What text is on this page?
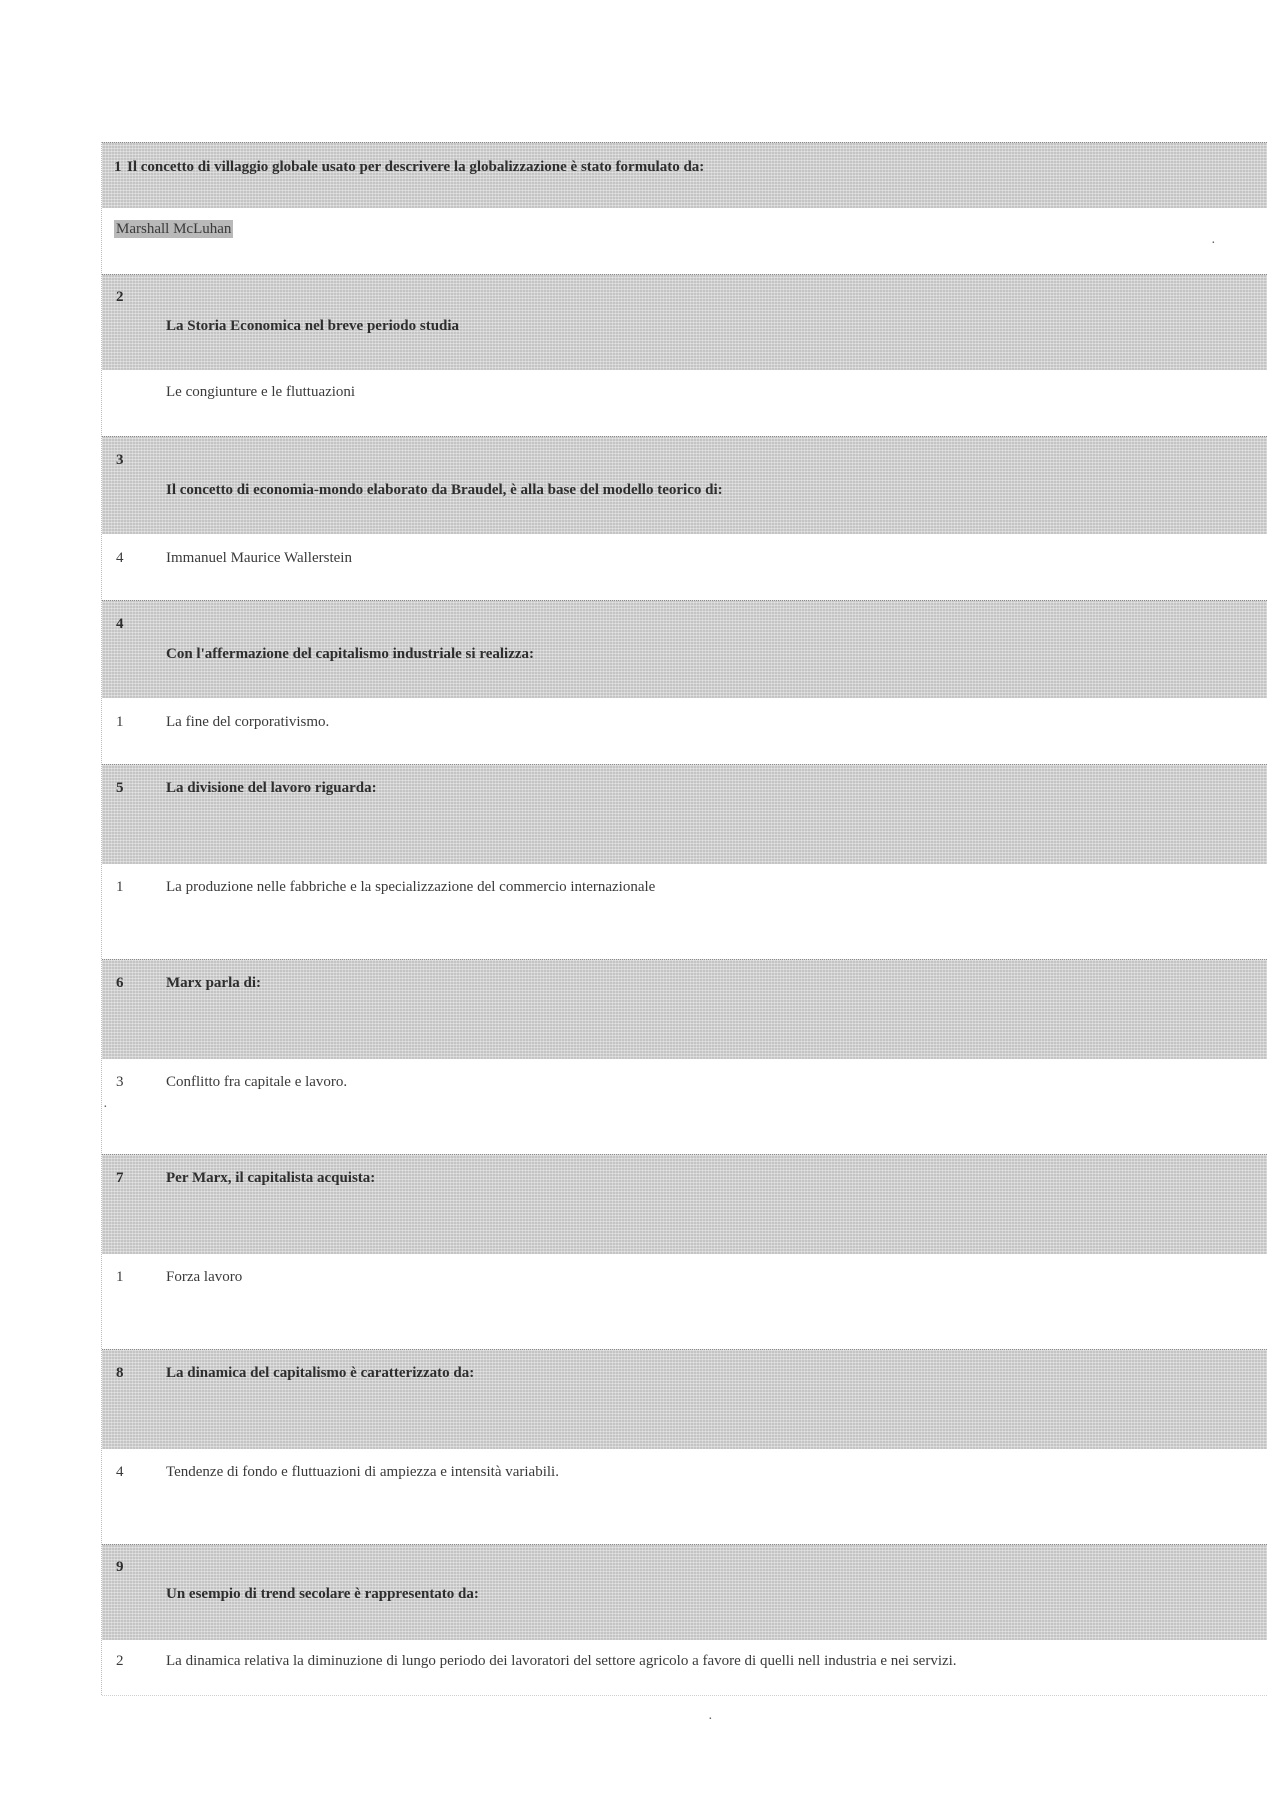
1 Il concetto di villaggio globale usato per descrivere la globalizzazione è stato formulato da:
Marshall McLuhan
2
La Storia Economica nel breve periodo studia
Le congiunture e le fluttuazioni
3
Il concetto di economia-mondo elaborato da Braudel, è alla base del modello teorico di:
4	Immanuel Maurice Wallerstein
4
Con l'affermazione del capitalismo industriale si realizza:
1	La fine del corporativismo.
5	La divisione del lavoro riguarda:
1	La produzione nelle fabbriche e la specializzazione del commercio internazionale
6	Marx parla di:
3	Conflitto fra capitale e lavoro.
7	Per Marx, il capitalista acquista:
1	Forza lavoro
8	La dinamica del capitalismo è caratterizzato da:
4	Tendenze di fondo e fluttuazioni di ampiezza e intensità variabili.
9
Un esempio di trend secolare è rappresentato da:
2	La dinamica relativa la diminuzione di lungo periodo dei lavoratori del settore agricolo a favore di quelli nell industria e nei servizi.
·
·
·
